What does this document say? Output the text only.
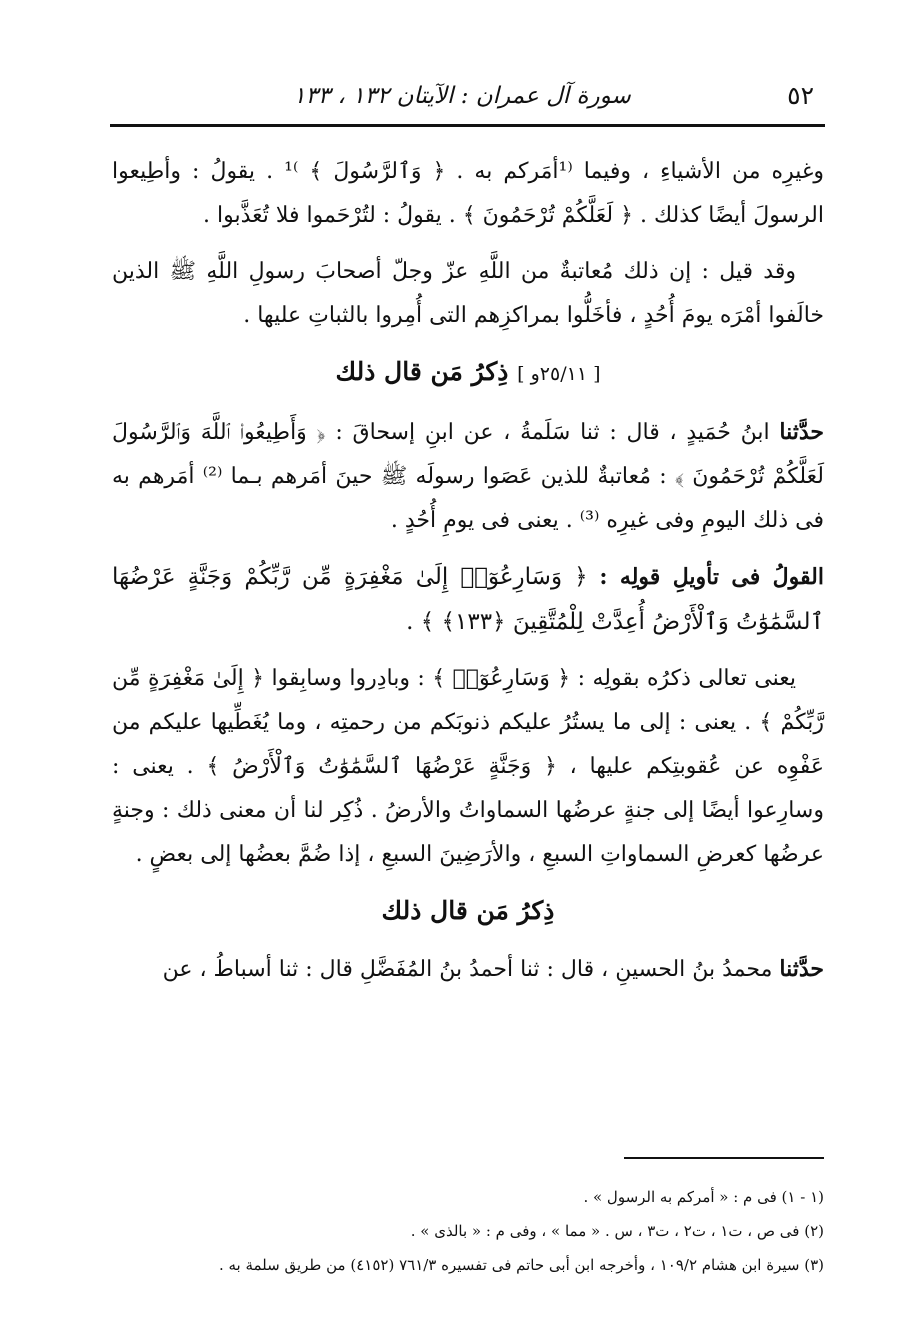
٥٢
سورة آل عمران : الآيتان ١٣٢ ، ١٣٣

وغيرِه من الأشياءِ ، وفيما ⁽¹أمَركم به . ﴿ وَٱلرَّسُولَ ﴾ ⁾¹ . يقولُ : وأطِيعوا الرسولَ أيضًا كذلك . ﴿ لَعَلَّكُمْ تُرْحَمُونَ ﴾ . يقولُ : لتُرْحَموا فلا تُعَذَّبوا .

وقد قيل : إن ذلك مُعاتبةٌ من اللَّهِ عزّ وجلّ أصحابَ رسولِ اللَّهِ ﷺ الذين خالَفوا أمْرَه يومَ أُحُدٍ ، فأخَلُّوا بمراكزِهم التى أُمِروا بالثباتِ عليها .

[ ٢٥/١١و ] ذِكرُ مَن قال ذلك

حدَّثنا ابنُ حُمَيدٍ ، قال : ثنا سَلَمةُ ، عن ابنِ إسحاقَ : ﴿ وَأَطِيعُوا۟ ٱللَّهَ وَٱلرَّسُولَ لَعَلَّكُمْ تُرْحَمُونَ ﴾ : مُعاتبةٌ للذين عَصَوا رسولَه ﷺ حينَ أمَرهم بـما ⁽²⁾ أمَرهم به فى ذلك اليومِ وفى غيرِه ⁽³⁾ . يعنى فى يومِ أُحُدٍ .

القولُ فى تأويلِ قولِه : ﴿ وَسَارِعُوٓا۟ إِلَىٰ مَغْفِرَةٍ مِّن رَّبِّكُمْ وَجَنَّةٍ عَرْضُهَا ٱلسَّمَٰوَٰتُ وَٱلْأَرْضُ أُعِدَّتْ لِلْمُتَّقِينَ ﴿١٣٣﴾ ﴾ .

يعنى تعالى ذكرُه بقولِه : ﴿ وَسَارِعُوٓا۟ ﴾ : وبادِروا وسابِقوا ﴿ إِلَىٰ مَغْفِرَةٍ مِّن رَّبِّكُمْ ﴾ . يعنى : إلى ما يستُرُ عليكم ذنوبَكم من رحمتِه ، وما يُغَطِّيها عليكم من عَفْوِه عن عُقوبتِكم عليها ، ﴿ وَجَنَّةٍ عَرْضُهَا ٱلسَّمَٰوَٰتُ وَٱلْأَرْضُ ﴾ . يعنى : وسارِعوا أيضًا إلى جنةٍ عرضُها السماواتُ والأرضُ . ذُكِر لنا أن معنى ذلك : وجنةٍ عرضُها كعرضِ السماواتِ السبعِ ، والأرَضِينَ السبعِ ، إذا ضُمَّ بعضُها إلى بعضٍ .

ذِكرُ مَن قال ذلك

حدَّثنا محمدُ بنُ الحسينِ ، قال : ثنا أحمدُ بنُ المُفَضَّلِ قال : ثنا أسباطُ ، عن

(١ - ١) فى م : « أمركم به الرسول » .

(٢) فى ص ، ت١ ، ت٢ ، ت٣ ، س . « مما » ، وفى م : « بالذى » .

(٣) سيرة ابن هشام ١٠٩/٢ ، وأخرجه ابن أبى حاتم فى تفسيره ٧٦١/٣ (٤١٥٢) من طريق سلمة به .
